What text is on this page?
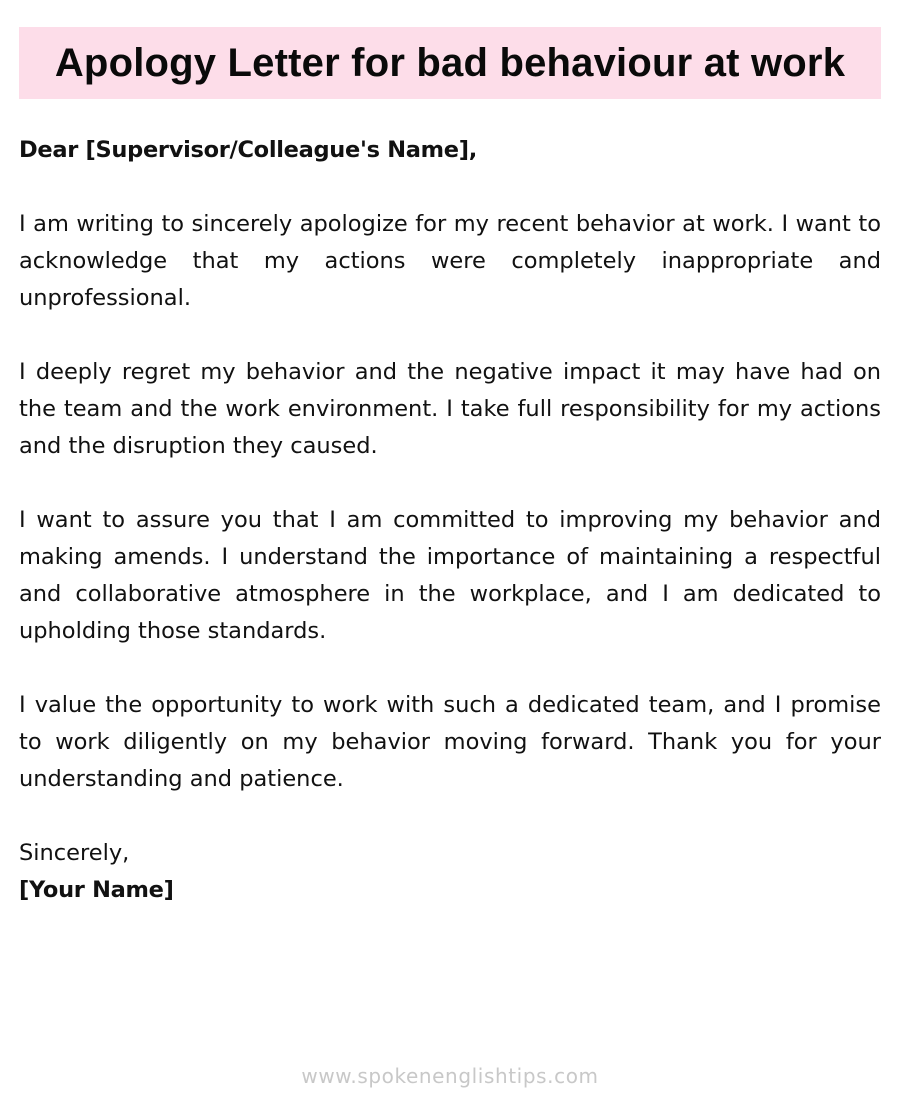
Apology Letter for bad behaviour at work

Dear [Supervisor/Colleague's Name],

I am writing to sincerely apologize for my recent behavior at work. I want to acknowledge that my actions were completely inappropriate and unprofessional.

I deeply regret my behavior and the negative impact it may have had on the team and the work environment. I take full responsibility for my actions and the disruption they caused.

I want to assure you that I am committed to improving my behavior and making amends. I understand the importance of maintaining a respectful and collaborative atmosphere in the workplace, and I am dedicated to upholding those standards.

I value the opportunity to work with such a dedicated team, and I promise to work diligently on my behavior moving forward. Thank you for your understanding and patience.

Sincerely,

[Your Name]

www.spokenenglishtips.com
